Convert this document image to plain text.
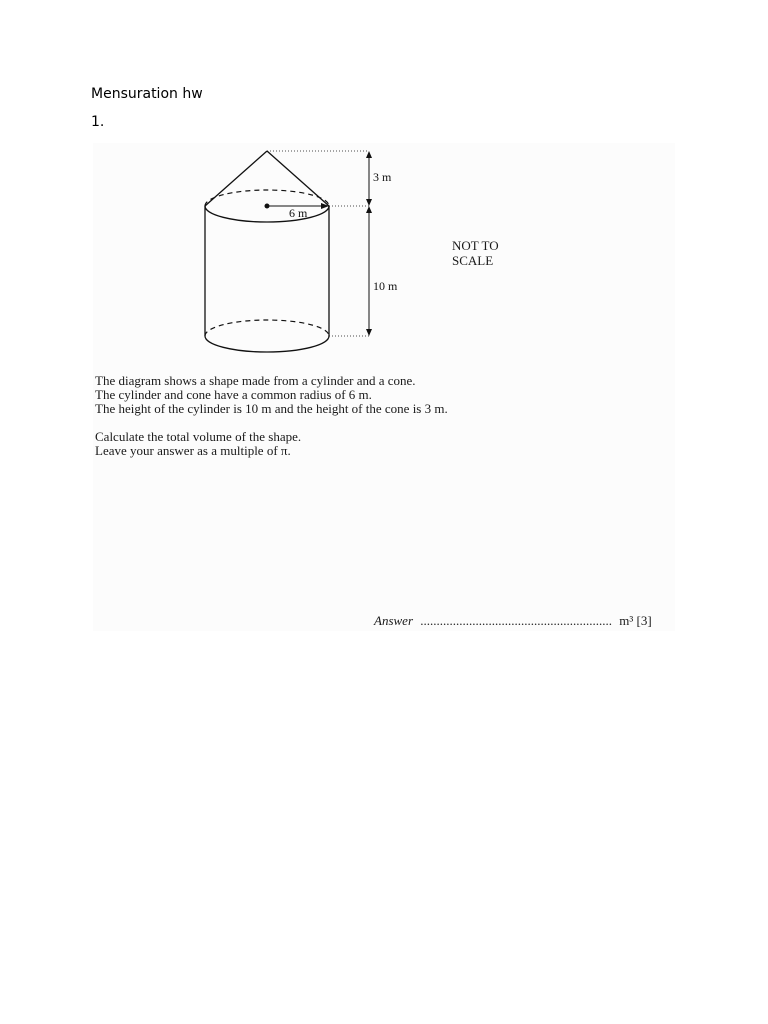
Mensuration hw
1.
6 m
3 m
10 m
NOT TO
SCALE
The diagram shows a shape made from a cylinder and a cone.
The cylinder and cone have a common radius of 6 m.
The height of the cylinder is 10 m and the height of the cone is 3 m.
Calculate the total volume of the shape.
Leave your answer as a multiple of π.
Answer ........................................................... m³ [3]
